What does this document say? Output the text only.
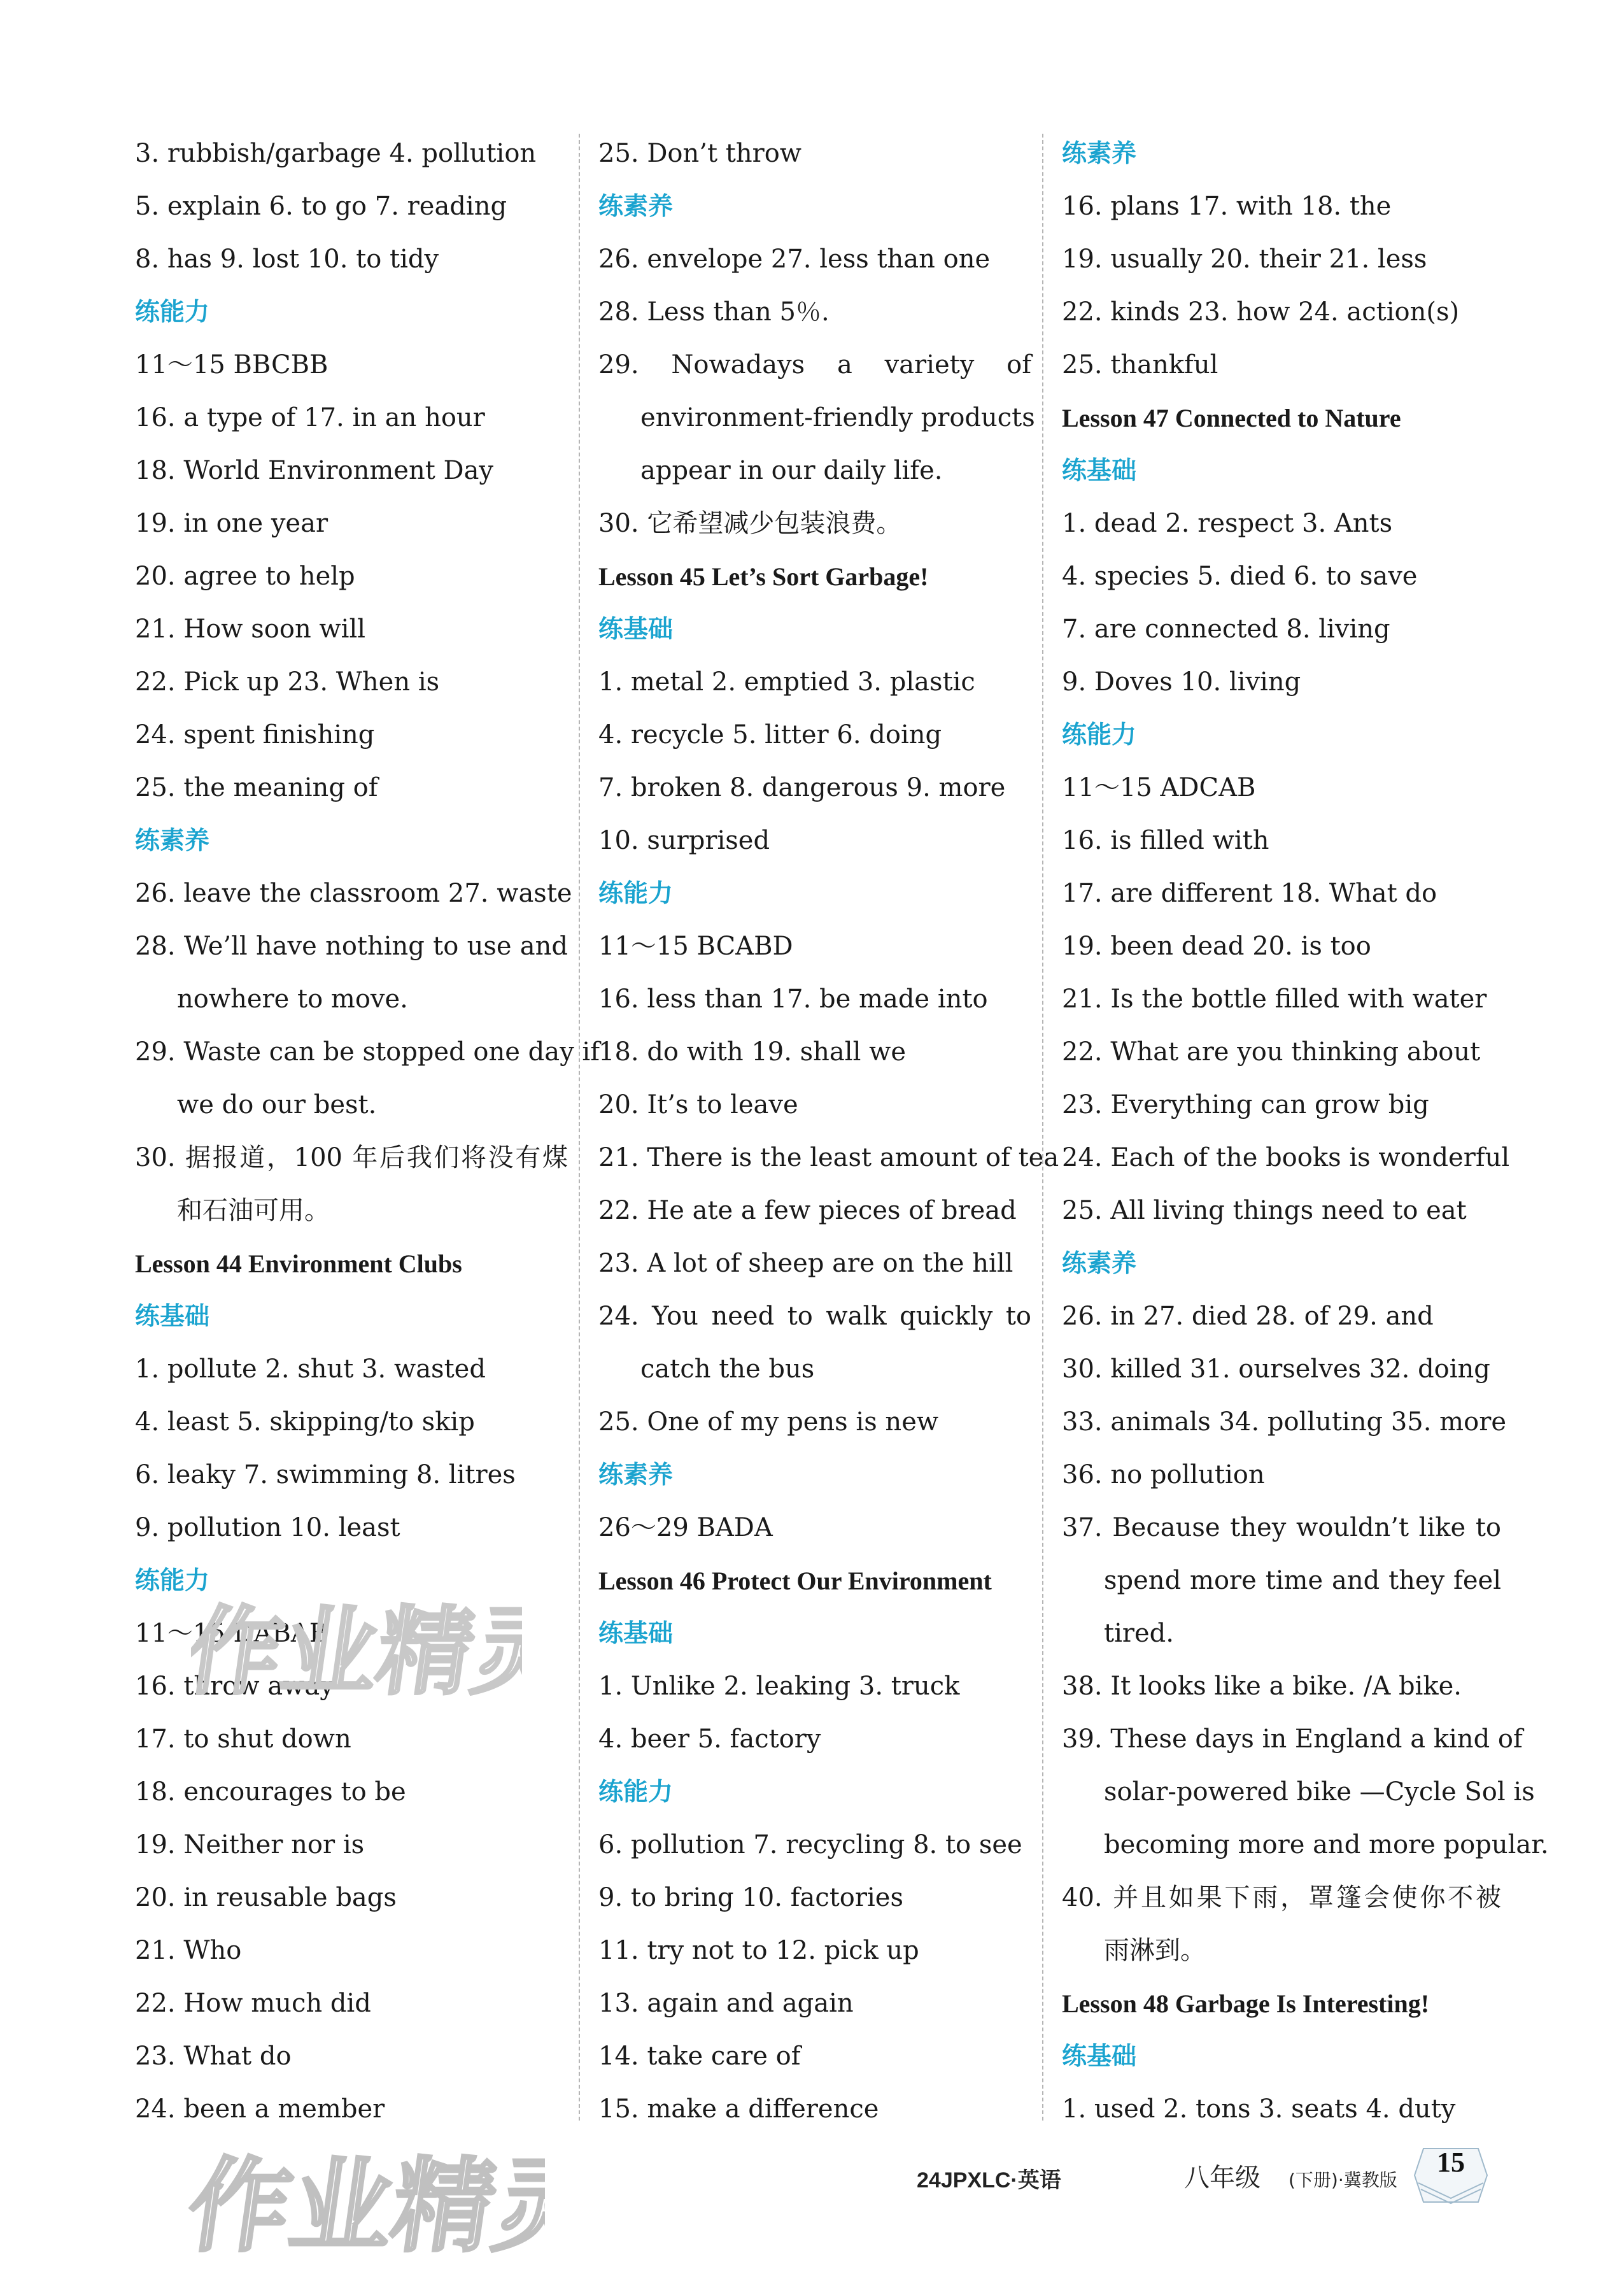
3. rubbish/garbage 4. pollution
5. explain 6. to go 7. reading
8. has 9. lost 10. to tidy
练能力
11～15 BBCBB
16. a type of 17. in an hour
18. World Environment Day
19. in one year
20. agree to help
21. How soon will
22. Pick up 23. When is
24. spent finishing
25. the meaning of
练素养
26. leave the classroom 27. waste
28. We’ll have nothing to use and
nowhere to move.
29. Waste can be stopped one day if
we do our best.
30. 据报道，100 年后我们将没有煤
和石油可用。
Lesson 44 Environment Clubs
练基础
1. pollute 2. shut 3. wasted
4. least 5. skipping/to skip
6. leaky 7. swimming 8. litres
9. pollution 10. least
练能力
11～15 DABAB
16. throw away
17. to shut down
18. encourages to be
19. Neither nor is
20. in reusable bags
21. Who
22. How much did
23. What do
24. been a member
25. Don’t throw
练素养
26. envelope 27. less than one
28. Less than 5％.
29. Nowadays a variety of
environment-friendly products
appear in our daily life.
30. 它希望减少包装浪费。
Lesson 45 Let’s Sort Garbage!
练基础
1. metal 2. emptied 3. plastic
4. recycle 5. litter 6. doing
7. broken 8. dangerous 9. more
10. surprised
练能力
11～15 BCABD
16. less than 17. be made into
18. do with 19. shall we
20. It’s to leave
21. There is the least amount of tea
22. He ate a few pieces of bread
23. A lot of sheep are on the hill
24. You need to walk quickly to
catch the bus
25. One of my pens is new
练素养
26～29 BADA
Lesson 46 Protect Our Environment
练基础
1. Unlike 2. leaking 3. truck
4. beer 5. factory
练能力
6. pollution 7. recycling 8. to see
9. to bring 10. factories
11. try not to 12. pick up
13. again and again
14. take care of
15. make a difference
练素养
16. plans 17. with 18. the
19. usually 20. their 21. less
22. kinds 23. how 24. action(s)
25. thankful
Lesson 47 Connected to Nature
练基础
1. dead 2. respect 3. Ants
4. species 5. died 6. to save
7. are connected 8. living
9. Doves 10. living
练能力
11～15 ADCAB
16. is filled with
17. are different 18. What do
19. been dead 20. is too
21. Is the bottle filled with water
22. What are you thinking about
23. Everything can grow big
24. Each of the books is wonderful
25. All living things need to eat
练素养
26. in 27. died 28. of 29. and
30. killed 31. ourselves 32. doing
33. animals 34. polluting 35. more
36. no pollution
37. Because they wouldn’t like to
spend more time and they feel
tired.
38. It looks like a bike. /A bike.
39. These days in England a kind of
solar-powered bike —Cycle Sol is
becoming more and more popular.
40. 并且如果下雨，罩篷会使你不被
雨淋到。
Lesson 48 Garbage Is Interesting!
练基础
1. used 2. tons 3. seats 4. duty
作业精灵
作业精灵	24JPXLC·英语	八年级 (下册)·冀教版
15
